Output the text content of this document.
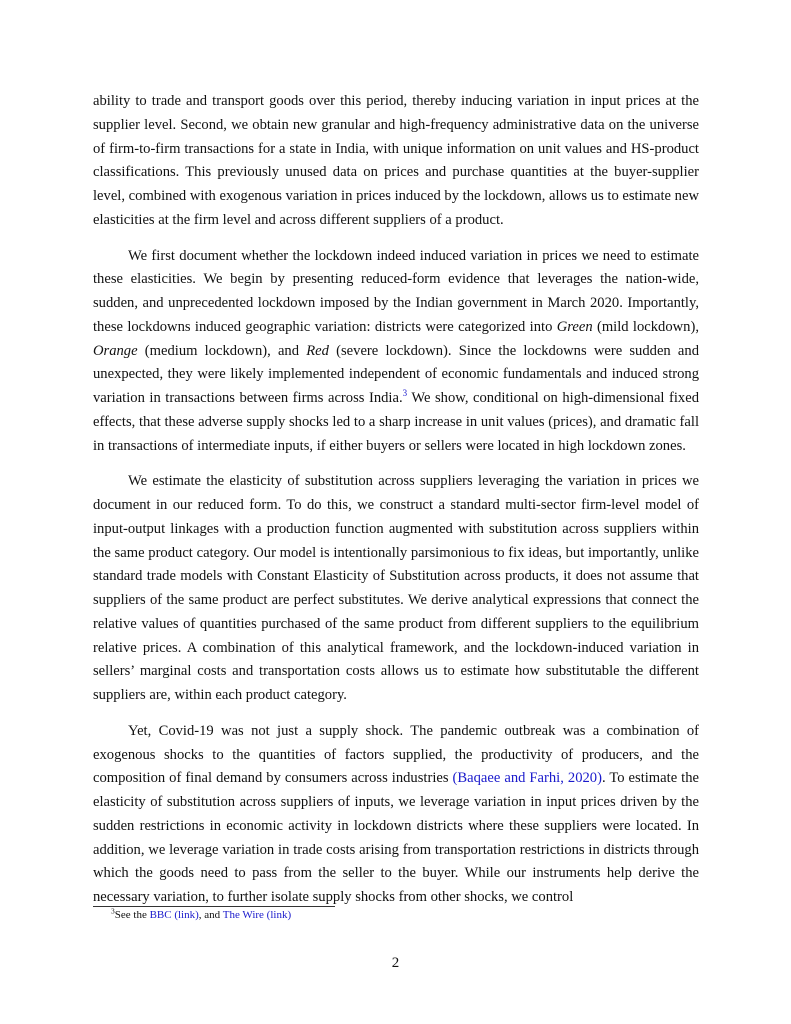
ability to trade and transport goods over this period, thereby inducing variation in input prices at the supplier level. Second, we obtain new granular and high-frequency administrative data on the universe of firm-to-firm transactions for a state in India, with unique information on unit values and HS-product classifications. This previously unused data on prices and purchase quantities at the buyer-supplier level, combined with exogenous variation in prices induced by the lockdown, allows us to estimate new elasticities at the firm level and across different suppliers of a product.

We first document whether the lockdown indeed induced variation in prices we need to estimate these elasticities. We begin by presenting reduced-form evidence that leverages the nation-wide, sudden, and unprecedented lockdown imposed by the Indian government in March 2020. Importantly, these lockdowns induced geographic variation: districts were categorized into Green (mild lockdown), Orange (medium lockdown), and Red (severe lockdown). Since the lockdowns were sudden and unexpected, they were likely implemented independent of economic fundamentals and induced strong variation in transactions between firms across India.$^3$ We show, conditional on high-dimensional fixed effects, that these adverse supply shocks led to a sharp increase in unit values (prices), and dramatic fall in transactions of intermediate inputs, if either buyers or sellers were located in high lockdown zones.

We estimate the elasticity of substitution across suppliers leveraging the variation in prices we document in our reduced form. To do this, we construct a standard multi-sector firm-level model of input-output linkages with a production function augmented with substitution across suppliers within the same product category. Our model is intentionally parsimonious to fix ideas, but importantly, unlike standard trade models with Constant Elasticity of Substitution across products, it does not assume that suppliers of the same product are perfect substitutes. We derive analytical expressions that connect the relative values of quantities purchased of the same product from different suppliers to the equilibrium relative prices. A combination of this analytical framework, and the lockdown-induced variation in sellers’ marginal costs and transportation costs allows us to estimate how substitutable the different suppliers are, within each product category.

Yet, Covid-19 was not just a supply shock. The pandemic outbreak was a combination of exogenous shocks to the quantities of factors supplied, the productivity of producers, and the composition of final demand by consumers across industries (Baqaee and Farhi, 2020). To estimate the elasticity of substitution across suppliers of inputs, we leverage variation in input prices driven by the sudden restrictions in economic activity in lockdown districts where these suppliers were located. In addition, we leverage variation in trade costs arising from transportation restrictions in districts through which the goods need to pass from the seller to the buyer. While our instruments help derive the necessary variation, to further isolate supply shocks from other shocks, we control

$^3$See the BBC (link), and The Wire (link)
2
